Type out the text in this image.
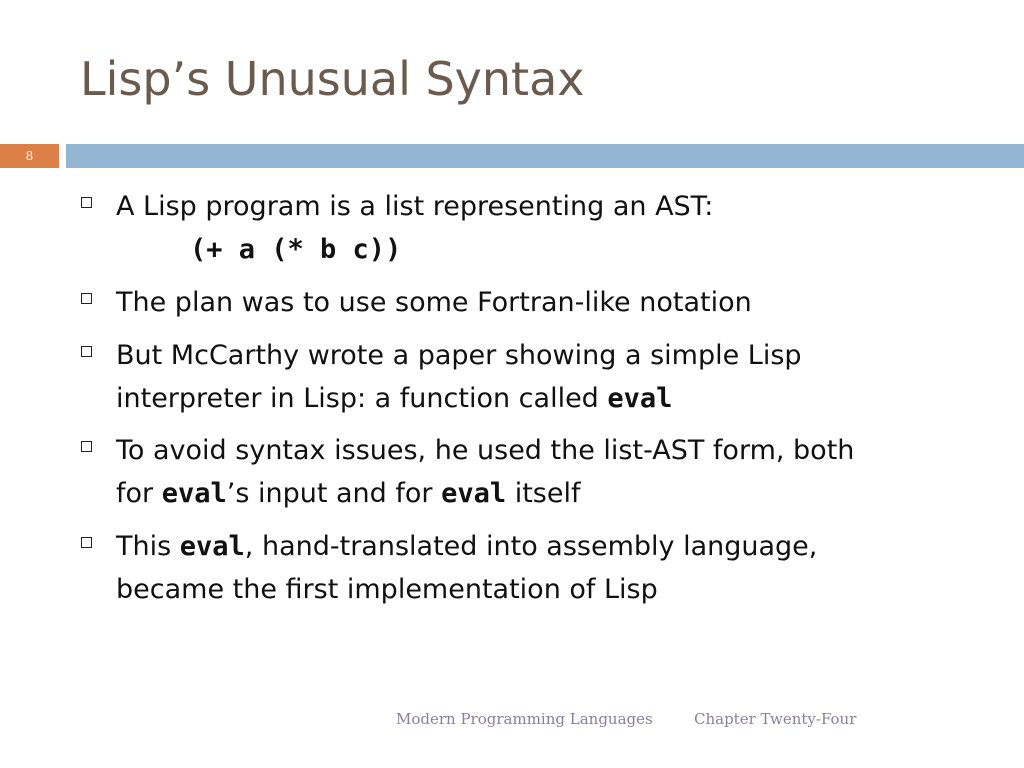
Lisp’s Unusual Syntax
8
A Lisp program is a list representing an AST:
(+ a (* b c))
The plan was to use some Fortran-like notation
But McCarthy wrote a paper showing a simple Lisp
interpreter in Lisp: a function called eval
To avoid syntax issues, he used the list-AST form, both
for eval’s input and for eval itself
This eval, hand-translated into assembly language,
became the first implementation of Lisp
Modern Programming Languages	Chapter Twenty-Four
